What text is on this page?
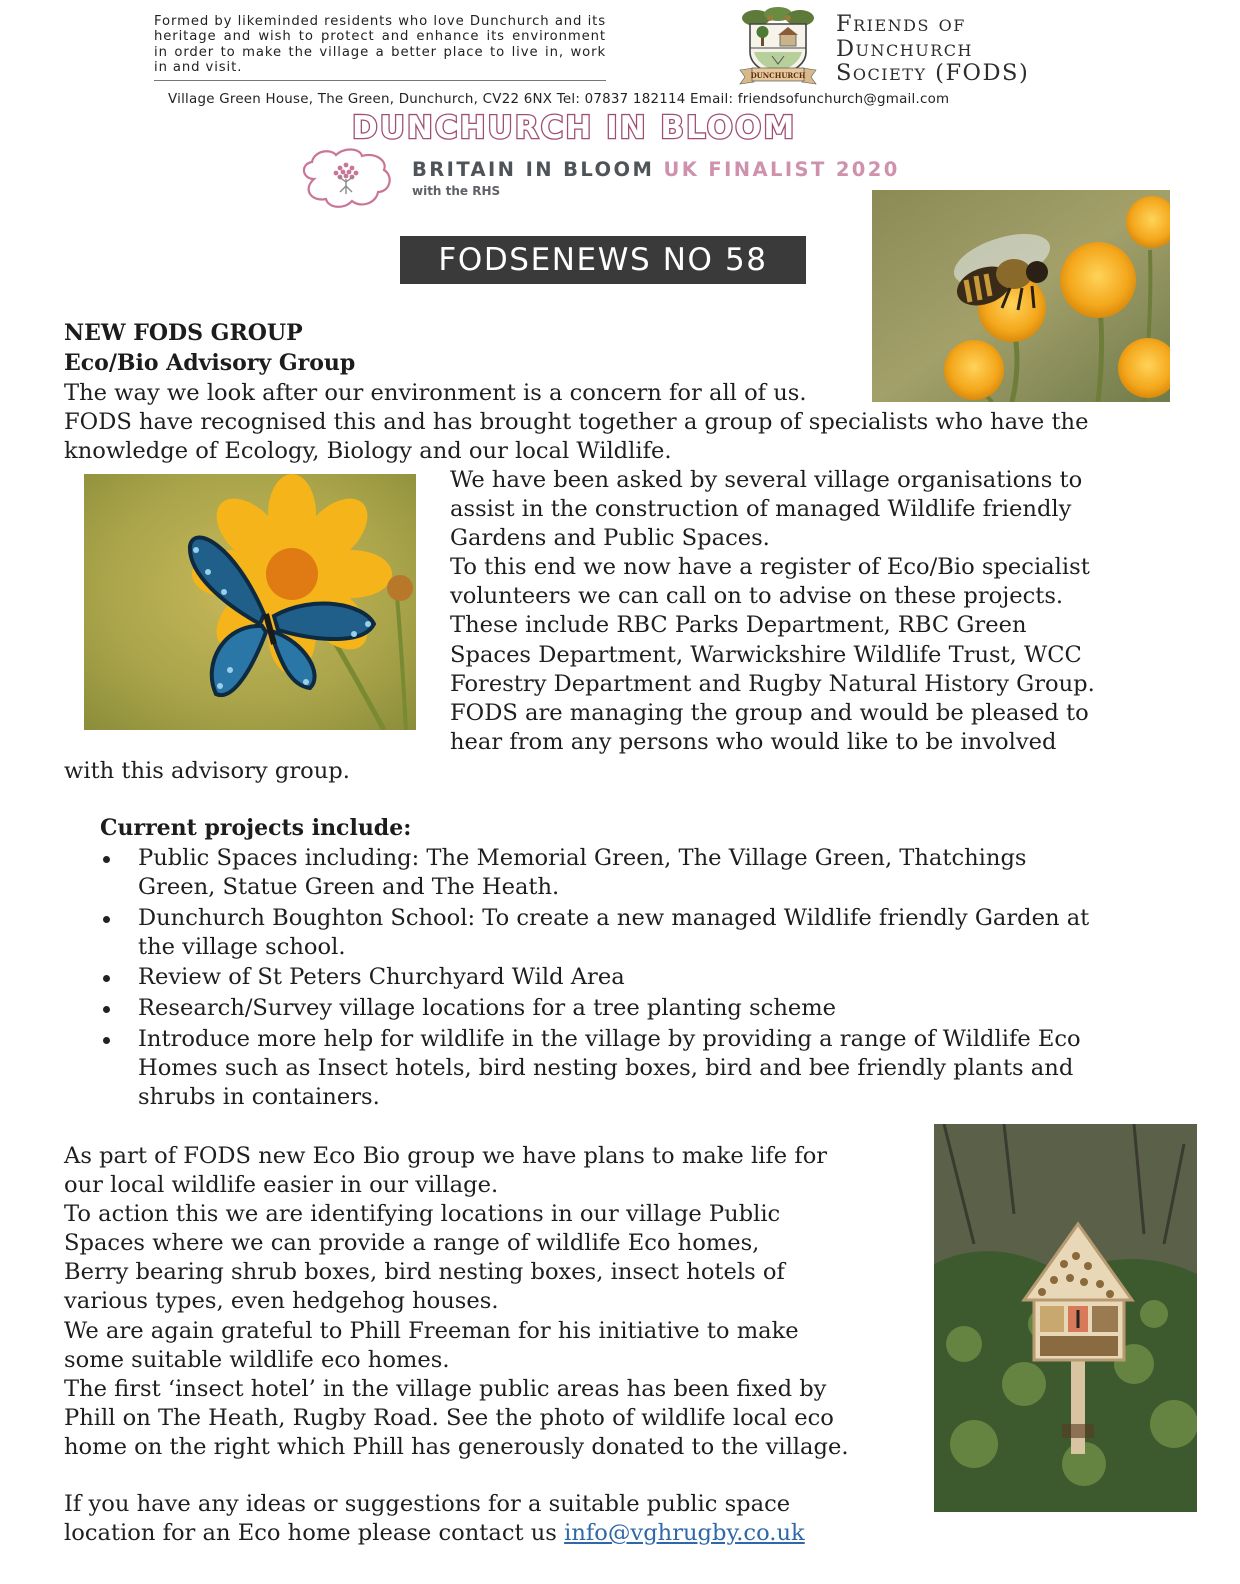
Formed by likeminded residents who love Dunchurch and its heritage and wish to protect and enhance its environment in order to make the village a better place to live in, work in and visit.
DUNCHURCH
Friends of
Dunchurch
Society (FODS)
Village Green House, The Green, Dunchurch, CV22 6NX Tel: 07837 182114 Email: friendsofunchurch@gmail.com
DUNCHURCH IN BLOOM
BRITAIN IN BLOOM UK FINALIST 2020
with the RHS
FODSENEWS NO 58
NEW FODS GROUP
Eco/Bio Advisory Group
The way we look after our environment is a concern for all of us.
FODS have recognised this and has brought together a group of specialists who have the
knowledge of Ecology, Biology and our local Wildlife.
We have been asked by several village organisations to
assist in the construction of managed Wildlife friendly
Gardens and Public Spaces.
To this end we now have a register of Eco/Bio specialist
volunteers we can call on to advise on these projects.
These include RBC Parks Department, RBC Green
Spaces Department, Warwickshire Wildlife Trust, WCC
Forestry Department and Rugby Natural History Group.
FODS are managing the group and would be pleased to
hear from any persons who would like to be involved
with this advisory group.
Current projects include:
Public Spaces including: The Memorial Green, The Village Green, Thatchings
Green, Statue Green and The Heath.
Dunchurch Boughton School: To create a new managed Wildlife friendly Garden at
the village school.
Review of St Peters Churchyard Wild Area
Research/Survey village locations for a tree planting scheme
Introduce more help for wildlife in the village by providing a range of Wildlife Eco
Homes such as Insect hotels, bird nesting boxes, bird and bee friendly plants and
shrubs in containers.
As part of FODS new Eco Bio group we have plans to make life for
our local wildlife easier in our village.
To action this we are identifying locations in our village Public
Spaces where we can provide a range of wildlife Eco homes,
Berry bearing shrub boxes, bird nesting boxes, insect hotels of
various types, even hedgehog houses.
We are again grateful to Phill Freeman for his initiative to make
some suitable wildlife eco homes.
The first ‘insect hotel’ in the village public areas has been fixed by
Phill on The Heath, Rugby Road. See the photo of wildlife local eco
home on the right which Phill has generously donated to the village.
If you have any ideas or suggestions for a suitable public space
location for an Eco home please contact us info@vghrugby.co.uk
